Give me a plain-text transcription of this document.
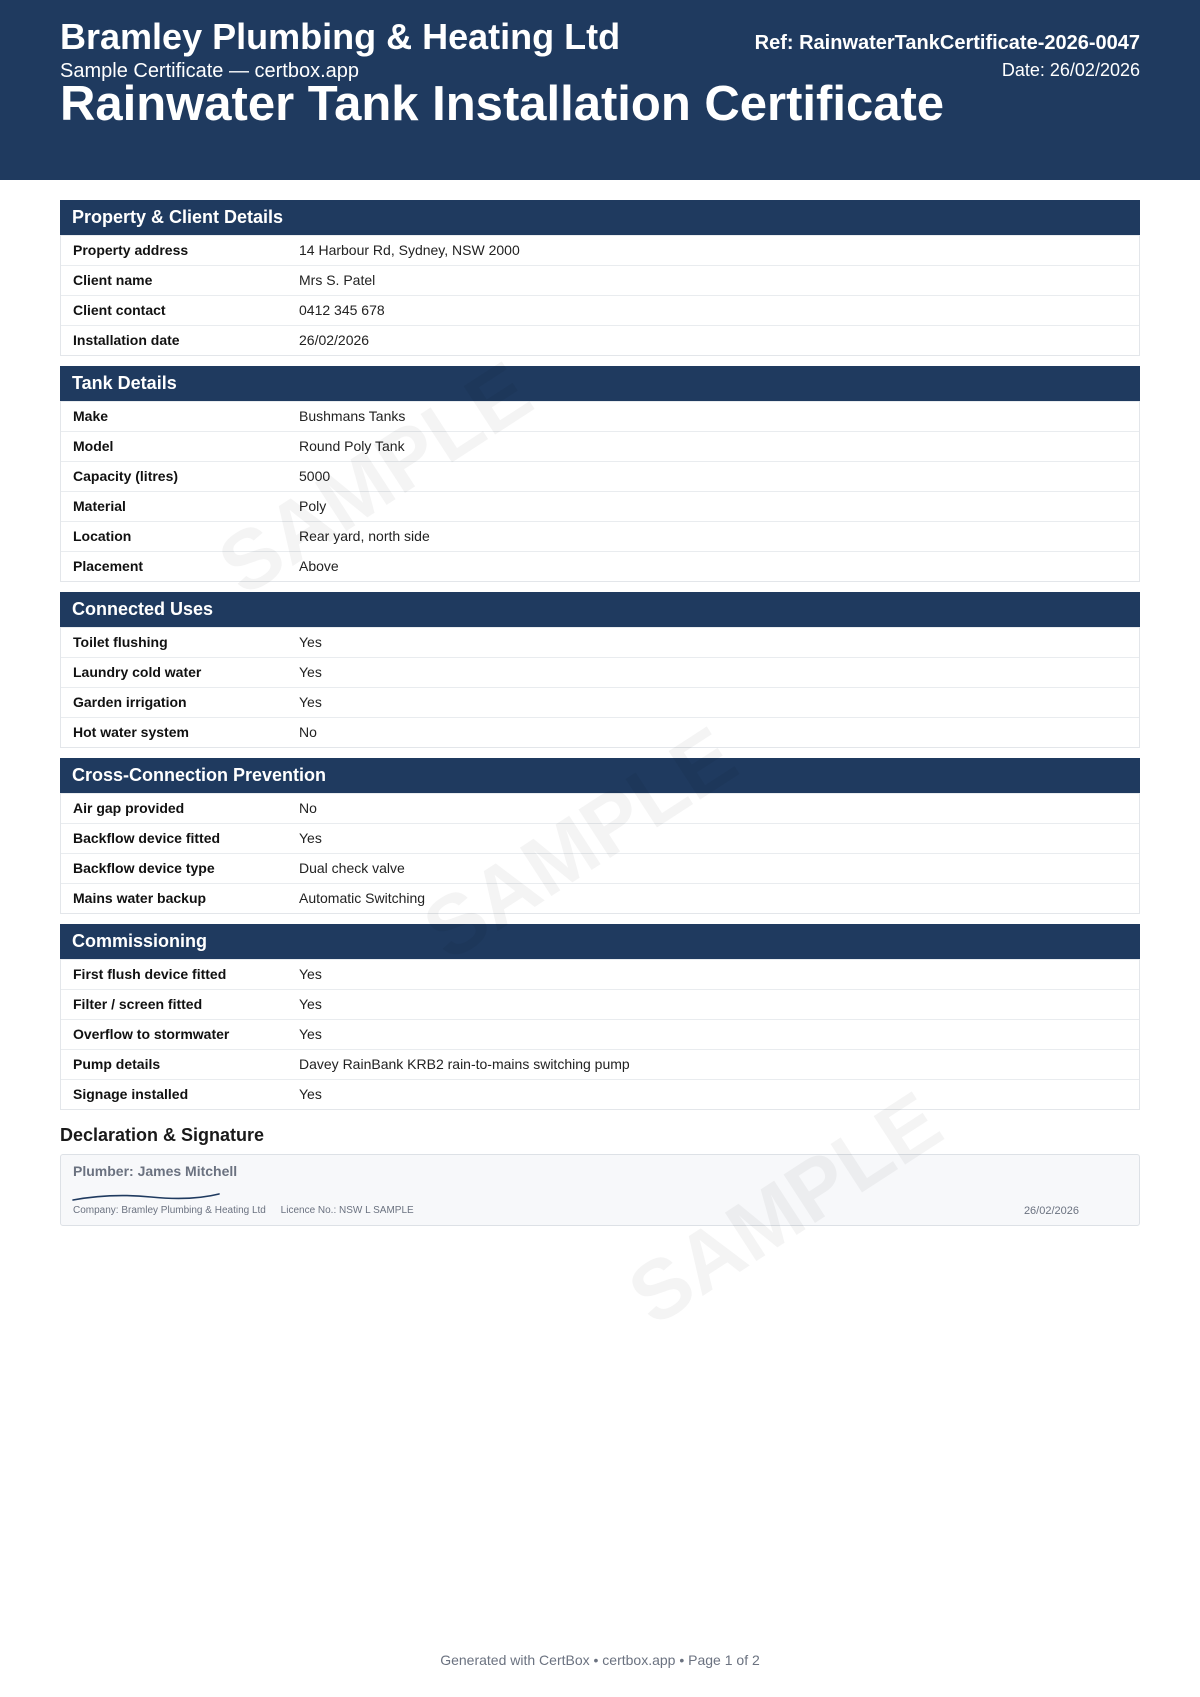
Bramley Plumbing & Heating Ltd
Sample Certificate — certbox.app
Rainwater Tank Installation Certificate
Ref: RainwaterTankCertificate-2026-0047
Date: 26/02/2026
Property & Client Details
Property address	14 Harbour Rd, Sydney, NSW 2000
Client name	Mrs S. Patel
Client contact	0412 345 678
Installation date	26/02/2026
Tank Details
Make	Bushmans Tanks
Model	Round Poly Tank
Capacity (litres)	5000
Material	Poly
Location	Rear yard, north side
Placement	Above
Connected Uses
Toilet flushing	Yes
Laundry cold water	Yes
Garden irrigation	Yes
Hot water system	No
Cross-Connection Prevention
Air gap provided	No
Backflow device fitted	Yes
Backflow device type	Dual check valve
Mains water backup	Automatic Switching
Commissioning
First flush device fitted	Yes
Filter / screen fitted	Yes
Overflow to stormwater	Yes
Pump details	Davey RainBank KRB2 rain-to-mains switching pump
Signage installed	Yes
Declaration & Signature
Plumber: James Mitchell
Company: Bramley Plumbing & Heating Ltd Licence No.: NSW L SAMPLE	26/02/2026
Generated with CertBox • certbox.app • Page 1 of 2
